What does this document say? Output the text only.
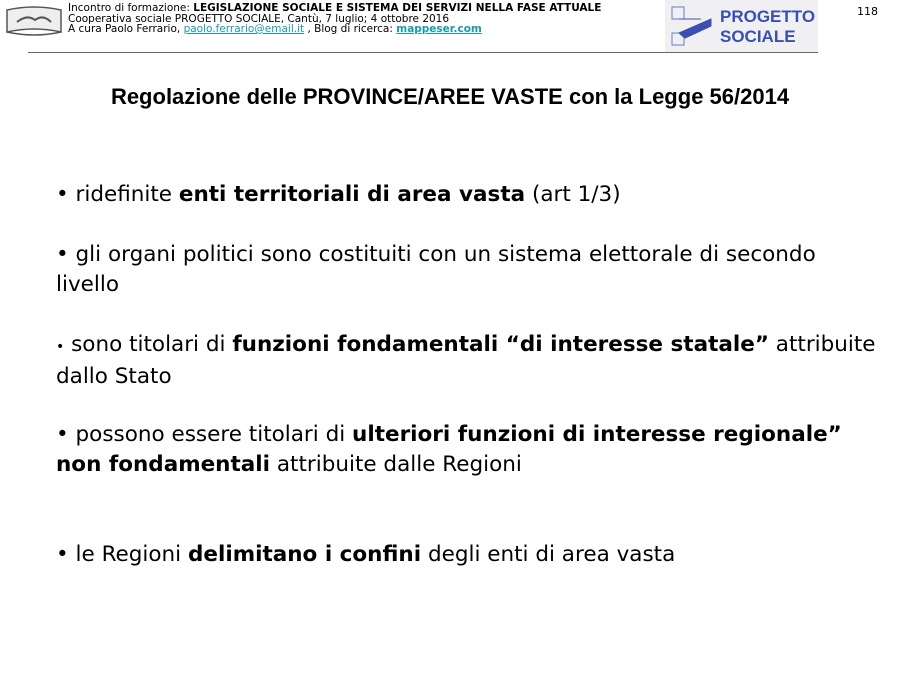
Incontro di formazione: LEGISLAZIONE SOCIALE E SISTEMA DEI SERVIZI NELLA FASE ATTUALE
Cooperativa sociale PROGETTO SOCIALE, Cantù, 7 luglio; 4 ottobre 2016
A cura Paolo Ferrario, paolo.ferrario@email.it , Blog di ricerca: mappeser.com
PROGETTO
SOCIALE
118
Regolazione delle PROVINCE/AREE VASTE con la Legge 56/2014
• ridefinite enti territoriali di area vasta (art 1/3)
• gli organi politici sono costituiti con un sistema elettorale di secondo livello
• sono titolari di funzioni fondamentali “di interesse statale” attribuite dallo Stato
• possono essere titolari di ulteriori funzioni di interesse regionale” non fondamentali attribuite dalle Regioni
• le Regioni delimitano i confini degli enti di area vasta
